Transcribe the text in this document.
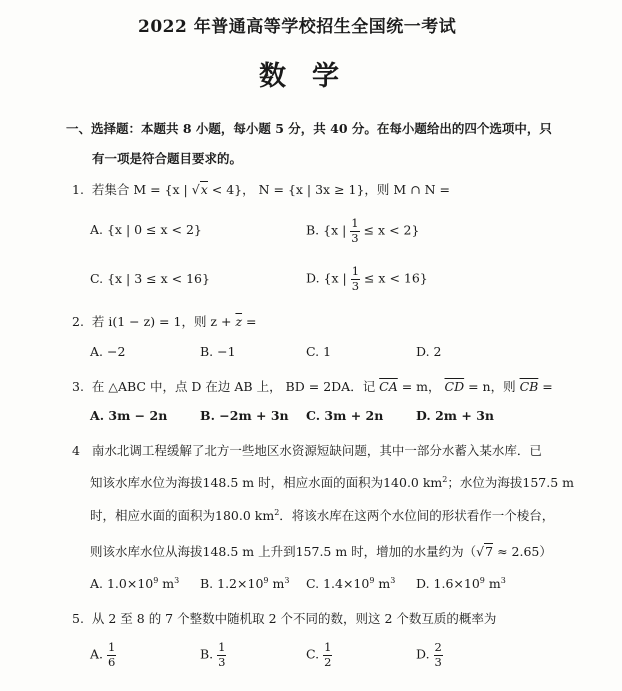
2022 年普通高等学校招生全国统一考试
数学
一、选择题：本题共 8 小题，每小题 5 分，共 40 分。在每小题给出的四个选项中，只
有一项是符合题目要求的。
1. 若集合 M = {x | √x < 4}， N = {x | 3x ≥ 1}，则 M ∩ N =
A. {x | 0 ≤ x < 2}	B. {x | $\frac{1}{3} \le x < 2$}
C. {x | 3 ≤ x < 16}	D. {x | $\frac{1}{3} \le x < 16$}
2. 若 i(1 − z) = 1，则 $z + \overline{z}$ =
A. −2	B. −1	C. 1	D. 2
3. 在 △ABC 中，点 D 在边 AB 上， BD = 2DA．记 $\overline{CA} = m$， $\overline{CD} = n$，则 $\overline{CB}$ =
A. 3m − 2n	B. −2m + 3n C. 3m + 2n	D. 2m + 3n
4 南水北调工程缓解了北方一些地区水资源短缺问题，其中一部分水蓄入某水库．已
知该水库水位为海拔148.5 m 时，相应水面的面积为140.0 $km^2$；水位为海拔157.5 m
时，相应水面的面积为180.0 $km^2$．将该水库在这两个水位间的形状看作一个棱台，
则该水库水位从海拔148.5 m 上升到157.5 m 时，增加的水量约为（√7 ≈ 2.65）
A. $1.0\times 10^9$ $m^3$ B. $1.2\times 10^9$ $m^3$ C. $1.4\times 10^9$ $m^3$ D. $1.6\times 10^9$ $m^3$
5. 从 2 至 8 的 7 个整数中随机取 2 个不同的数，则这 2 个数互质的概率为
A. $\frac{1}{6}$	B. $\frac{1}{3}$	C. $\frac{1}{2}$	D. $\frac{2}{3}$
